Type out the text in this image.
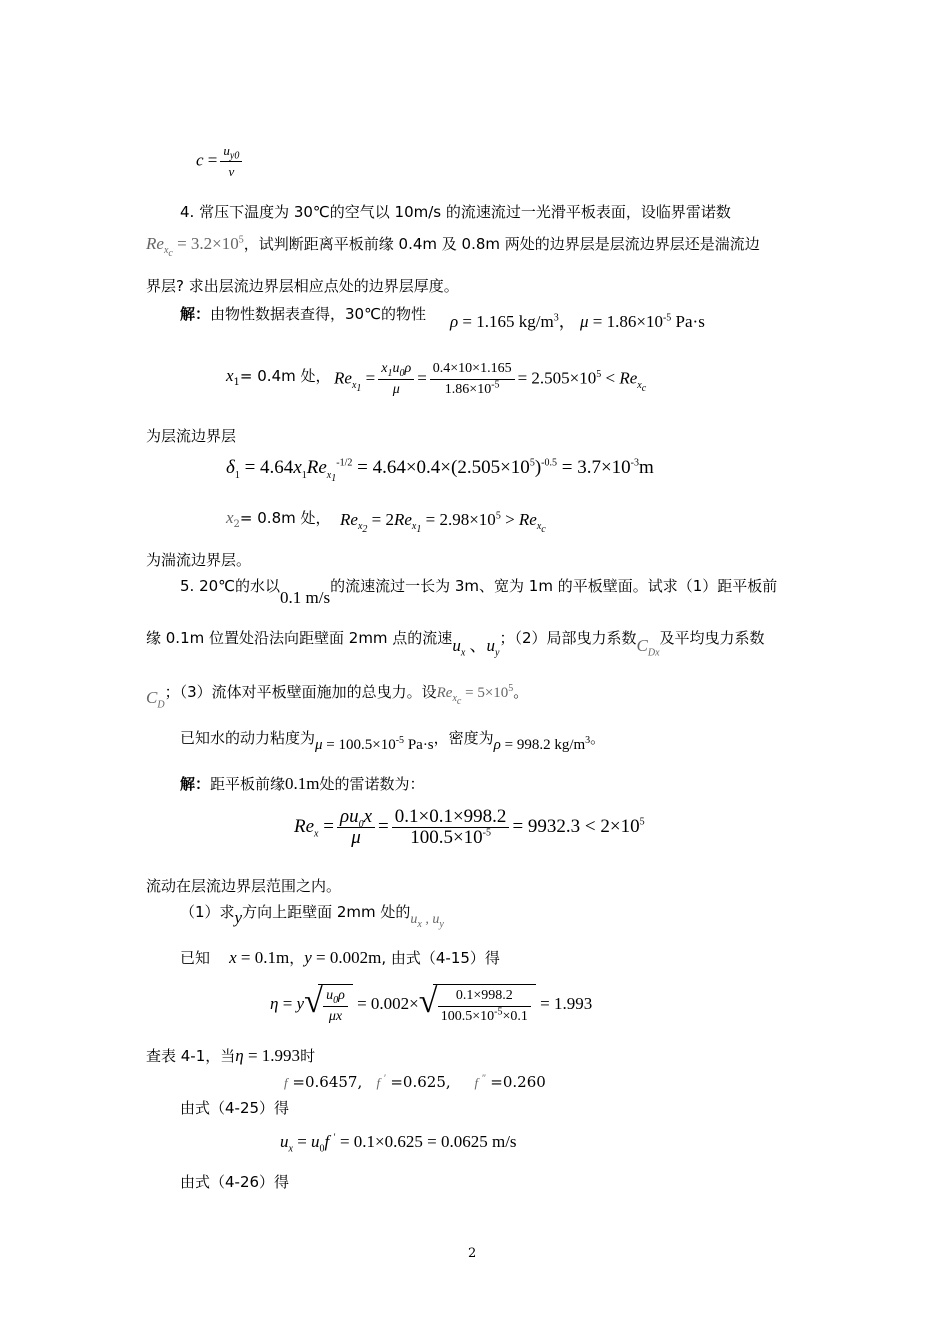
$c = \frac{u_{y0}}{\nu}$
4. 常压下温度为 30℃的空气以 10m/s 的流速流过一光滑平板表面，设临界雷诺数
$Re_{x_c} = 3.2\times 10^5$，试判断距离平板前缘 0.4m 及 0.8m 两处的边界层是层流边界层还是湍流边
界层? 求出层流边界层相应点处的边界层厚度。
解：由物性数据表查得，30℃的物性 ρ = 1.165 $kg/m^3$， $\mu = 1.86\times 10^{-5}$ Pa·s
$x_1= 0.4m$ 处， $Re_{x_1} = \frac{x_1u_0\rho}{\mu} = \frac{0.4\times 10\times 1.165}{1.86\times 10^{-5}} = 2.505\times 10^5 < Re_{x_c}$
为层流边界层
$\delta_1 = 4.64x_1Re_{x_1}^{-1/2} = 4.64\times 0.4\times(2.505\times 10^5)^{-0.5} = 3.7\times 10^{-3}m$
$x_2= 0.8m$ 处， $Re_{x_2} = 2Re_{x_1} = 2.98\times 10^5 > Re_{x_c}$
为湍流边界层。
5. 20℃的水以0.1 m/s的流速流过一长为 3m、宽为 1m 的平板壁面。试求（1）距平板前
缘 0.1m 位置处沿法向距壁面 2mm 点的流速$u_x$ 、$u_y$；（2）局部曳力系数$C_{Dx}$及平均曳力系数
$C_D$；（3）流体对平板壁面施加的总曳力。设$Re_{x_c} = 5\times 10^5$。
已知水的动力粘度为$\mu = 100.5\times 10^{-5}$ Pa·s，密度为ρ = 998.2 $kg/m^3$。
解：距平板前缘0.1m处的雷诺数为：
$Re_x = \frac{\rho u_0x}{\mu} = \frac{0.1\times 0.1\times 998.2}{100.5\times 10^{-5}} = 9932.3 < 2\times 10^5$
流动在层流边界层范围之内。
（1）求y方向上距壁面 2mm 处的$u_x$ , $u_y$
已知 x = 0.1m，y = 0.002m, 由式（4-15）得
η = y √ $\frac{u_0\rho}{\mu x} = 0.002\times$ √ $\frac{0.1\times 998.2}{100.5\times 10^{-5}\times 0.1} = 1.993$
查表 4-1，当η = 1.993时
f =0.6457,   f ′ =0.625,     f ″ =0.260
由式（4-25）得
$u_x = u_0f$ ′ = 0.1×0.625 = 0.0625 m/s
由式（4-26）得
2
